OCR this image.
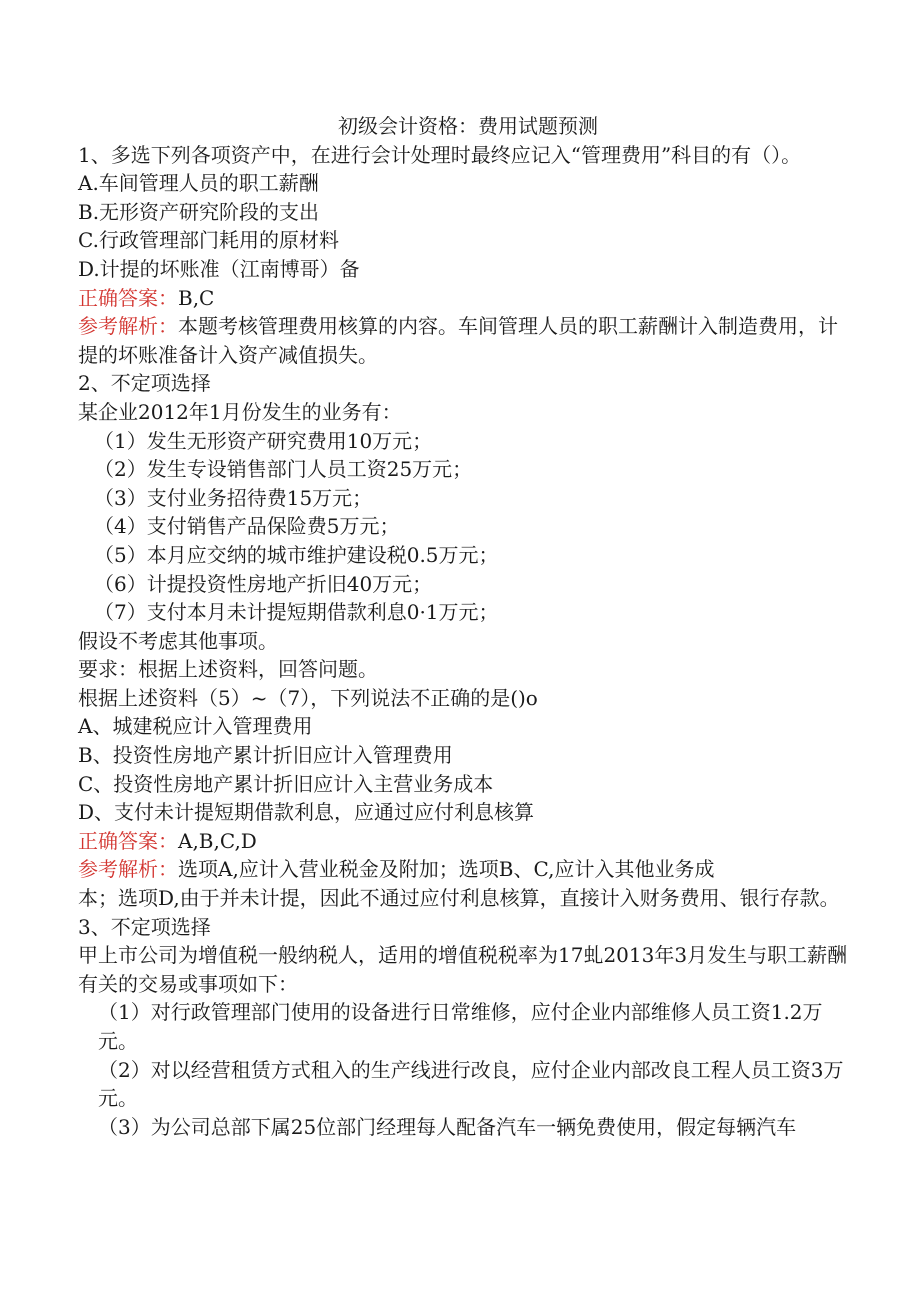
初级会计资格：费用试题预测
1、多选下列各项资产中，在进行会计处理时最终应记入“管理费用”科目的有（）。
A.车间管理人员的职工薪酬
B.无形资产研究阶段的支出
C.行政管理部门耗用的原材料
D.计提的坏账准（江南博哥）备
正确答案：B,C
参考解析：本题考核管理费用核算的内容。车间管理人员的职工薪酬计入制造费用，计提的坏账准备计入资产减值损失。
2、不定项选择
某企业2012年1月份发生的业务有：
（1）发生无形资产研究费用10万元；
（2）发生专设销售部门人员工资25万元；
（3）支付业务招待费15万元；
（4）支付销售产品保险费5万元；
（5）本月应交纳的城市维护建设税0.5万元；
（6）计提投资性房地产折旧40万元；
（7）支付本月未计提短期借款利息0·1万元；
假设不考虑其他事项。
要求：根据上述资料，回答问题。
根据上述资料（5）~（7），下列说法不正确的是()o
A、城建税应计入管理费用
B、投资性房地产累计折旧应计入管理费用
C、投资性房地产累计折旧应计入主营业务成本
D、支付未计提短期借款利息，应通过应付利息核算
正确答案：A,B,C,D
参考解析：选项A,应计入营业税金及附加；选项B、C,应计入其他业务成
本；选项D,由于并未计提，因此不通过应付利息核算，直接计入财务费用、银行存款。
3、不定项选择
甲上市公司为增值税一般纳税人，适用的增值税税率为17虬2013年3月发生与职工薪酬有关的交易或事项如下：
（1）对行政管理部门使用的设备进行日常维修，应付企业内部维修人员工资1.2万元。
（2）对以经营租赁方式租入的生产线进行改良，应付企业内部改良工程人员工资3万元。
（3）为公司总部下属25位部门经理每人配备汽车一辆免费使用，假定每辆汽车
